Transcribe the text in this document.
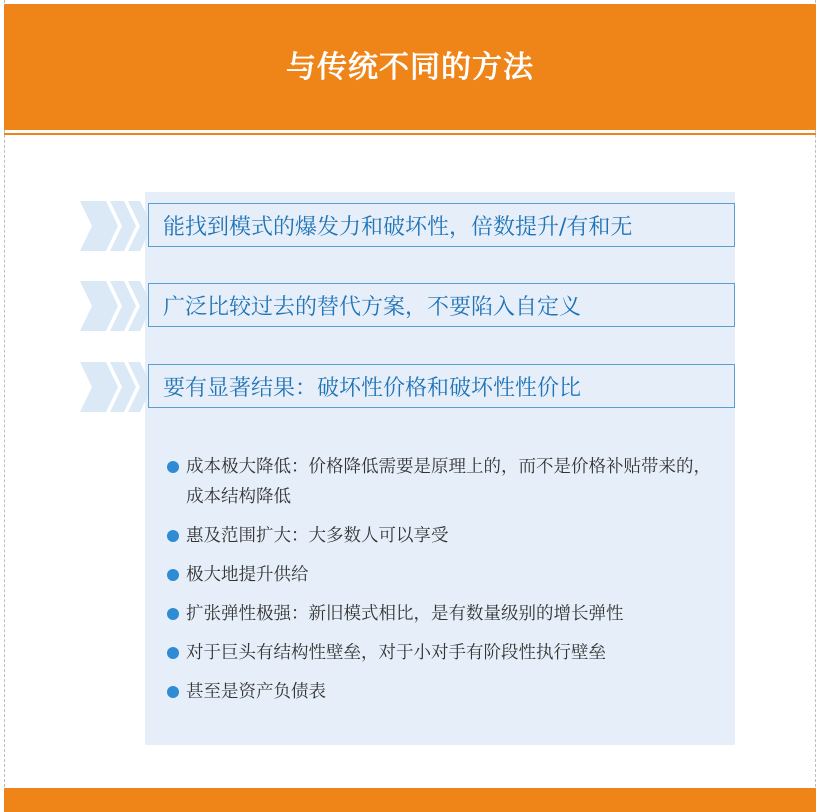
与传统不同的方法
能找到模式的爆发力和破坏性，倍数提升/有和无
广泛比较过去的替代方案，不要陷入自定义
要有显著结果：破坏性价格和破坏性性价比
成本极大降低：价格降低需要是原理上的，而不是价格补贴带来的，成本结构降低
惠及范围扩大：大多数人可以享受
极大地提升供给
扩张弹性极强：新旧模式相比，是有数量级别的增长弹性
对于巨头有结构性壁垒，对于小对手有阶段性执行壁垒
甚至是资产负债表
